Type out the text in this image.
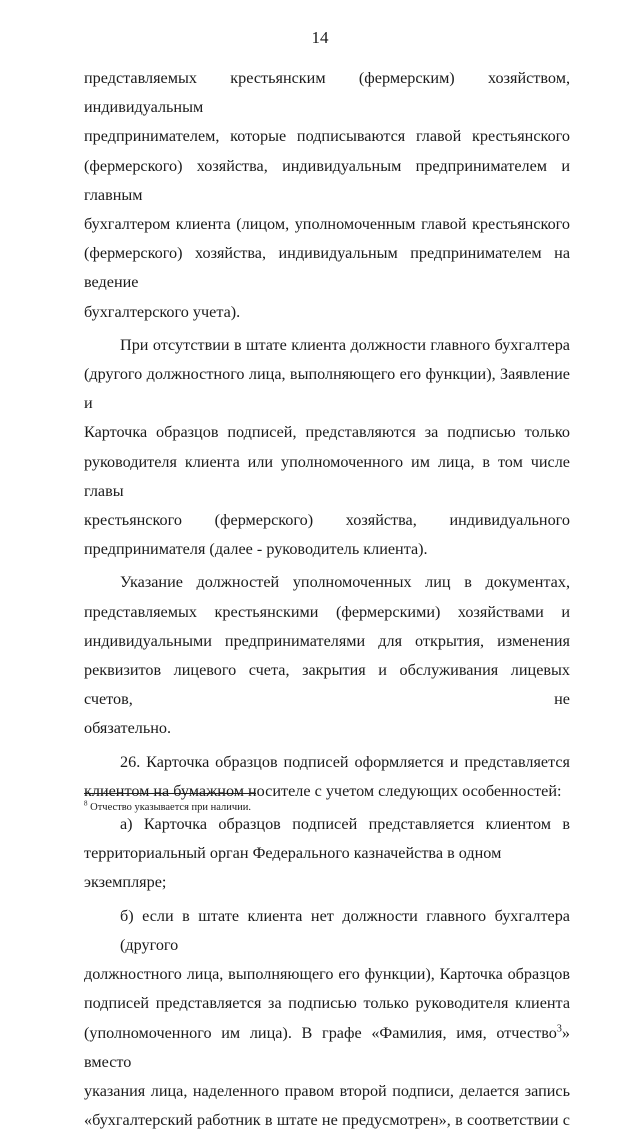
14
представляемых крестьянским (фермерским) хозяйством, индивидуальным
предпринимателем, которые подписываются главой крестьянского
(фермерского) хозяйства, индивидуальным предпринимателем и главным
бухгалтером клиента (лицом, уполномоченным главой крестьянского
(фермерского) хозяйства, индивидуальным предпринимателем на ведение
бухгалтерского учета).
При отсутствии в штате клиента должности главного бухгалтера
(другого должностного лица, выполняющего его функции), Заявление и
Карточка образцов подписей, представляются за подписью только
руководителя клиента или уполномоченного им лица, в том числе главы
крестьянского (фермерского) хозяйства, индивидуального
предпринимателя (далее - руководитель клиента).
Указание должностей уполномоченных лиц в документах,
представляемых крестьянскими (фермерскими) хозяйствами и
индивидуальными предпринимателями для открытия, изменения
реквизитов лицевого счета, закрытия и обслуживания лицевых счетов, не
обязательно.
26. Карточка образцов подписей оформляется и представляется
клиентом на бумажном носителе с учетом следующих особенностей:
а) Карточка образцов подписей представляется клиентом в
территориальный орган Федерального казначейства в одном экземпляре;
б) если в штате клиента нет должности главного бухгалтера (другого
должностного лица, выполняющего его функции), Карточка образцов
подписей представляется за подписью только руководителя клиента
(уполномоченного им лица). В графе «Фамилия, имя, отчество$^3$» вместо
указания лица, наделенного правом второй подписи, делается запись
«бухгалтерский работник в штате не предусмотрен», в соответствии с
$^8$ Отчество указывается при наличии.
